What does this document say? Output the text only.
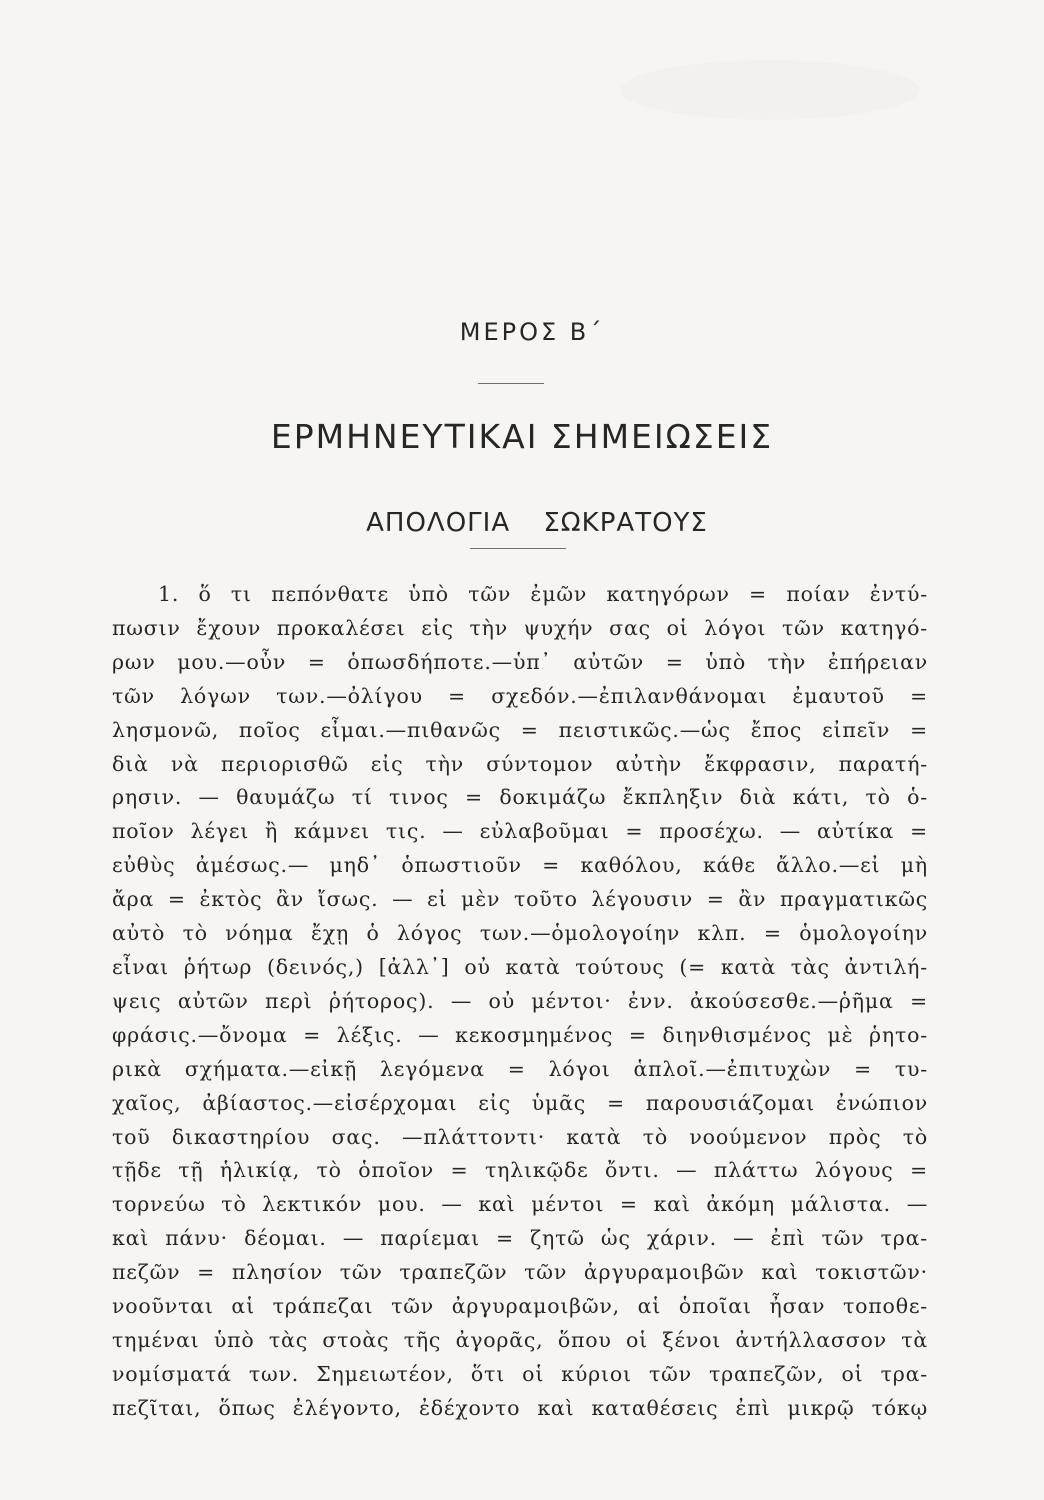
ΜΕΡΟΣ Β΄
ΕΡΜΗΝΕΥΤΙΚΑΙ ΣΗΜΕΙΩΣΕΙΣ
ΑΠΟΛΟΓΙΑ ΣΩΚΡΑΤΟΥΣ
1. ὅ τι πεπόνθατε ὑπὸ τῶν ἐμῶν κατηγόρων = ποίαν ἐντύ-
πωσιν ἔχουν προκαλέσει εἰς τὴν ψυχήν σας οἱ λόγοι τῶν κατηγό-
ρων μου.—οὖν = ὁπωσδήποτε.—ὑπ᾽ αὐτῶν = ὑπὸ τὴν ἐπήρειαν
τῶν λόγων των.—ὀλίγου = σχεδόν.—ἐπιλανθάνομαι ἐμαυτοῦ =
λησμονῶ, ποῖος εἶμαι.—πιθανῶς = πειστικῶς.—ὡς ἔπος εἰπεῖν =
διὰ νὰ περιορισθῶ εἰς τὴν σύντομον αὐτὴν ἔκφρασιν, παρατή-
ρησιν. — θαυμάζω τί τινος = δοκιμάζω ἔκπληξιν διὰ κάτι, τὸ ὁ-
ποῖον λέγει ἢ κάμνει τις. — εὐλαβοῦμαι = προσέχω. — αὐτίκα =
εὐθὺς ἀμέσως.— μηδ᾽ ὁπωστιοῦν = καθόλου, κάθε ἄλλο.—εἰ μὴ
ἄρα = ἐκτὸς ἂν ἴσως. — εἰ μὲν τοῦτο λέγουσιν = ἂν πραγματικῶς
αὐτὸ τὸ νόημα ἔχῃ ὁ λόγος των.—ὁμολογοίην κλπ. = ὁμολογοίην
εἶναι ῥήτωρ (δεινός,) [ἀλλ᾽] οὐ κατὰ τούτους (= κατὰ τὰς ἀντιλή-
ψεις αὐτῶν περὶ ῥήτορος). — οὐ μέντοι· ἐνν. ἀκούσεσθε.—ῥῆμα =
φράσις.—ὄνομα = λέξις. — κεκοσμημένος = διηνθισμένος μὲ ῥητο-
ρικὰ σχήματα.—εἰκῇ λεγόμενα = λόγοι ἁπλοῖ.—ἐπιτυχὼν = τυ-
χαῖος, ἀβίαστος.—εἰσέρχομαι εἰς ὑμᾶς = παρουσιάζομαι ἐνώπιον
τοῦ δικαστηρίου σας. —πλάττοντι· κατὰ τὸ νοούμενον πρὸς τὸ
τῇδε τῇ ἡλικίᾳ, τὸ ὁποῖον = τηλικῷδε ὄντι. — πλάττω λόγους =
τορνεύω τὸ λεκτικόν μου. — καὶ μέντοι = καὶ ἀκόμη μάλιστα. —
καὶ πάνυ· δέομαι. — παρίεμαι = ζητῶ ὡς χάριν. — ἐπὶ τῶν τρα-
πεζῶν = πλησίον τῶν τραπεζῶν τῶν ἀργυραμοιβῶν καὶ τοκιστῶν·
νοοῦνται αἱ τράπεζαι τῶν ἀργυραμοιβῶν, αἱ ὁποῖαι ἦσαν τοποθε-
τημέναι ὑπὸ τὰς στοὰς τῆς ἀγορᾶς, ὅπου οἱ ξένοι ἀντήλλασσον τὰ
νομίσματά των. Σημειωτέον, ὅτι οἱ κύριοι τῶν τραπεζῶν, οἱ τρα-
πεζῖται, ὅπως ἐλέγοντο, ἐδέχοντο καὶ καταθέσεις ἐπὶ μικρῷ τόκῳ
